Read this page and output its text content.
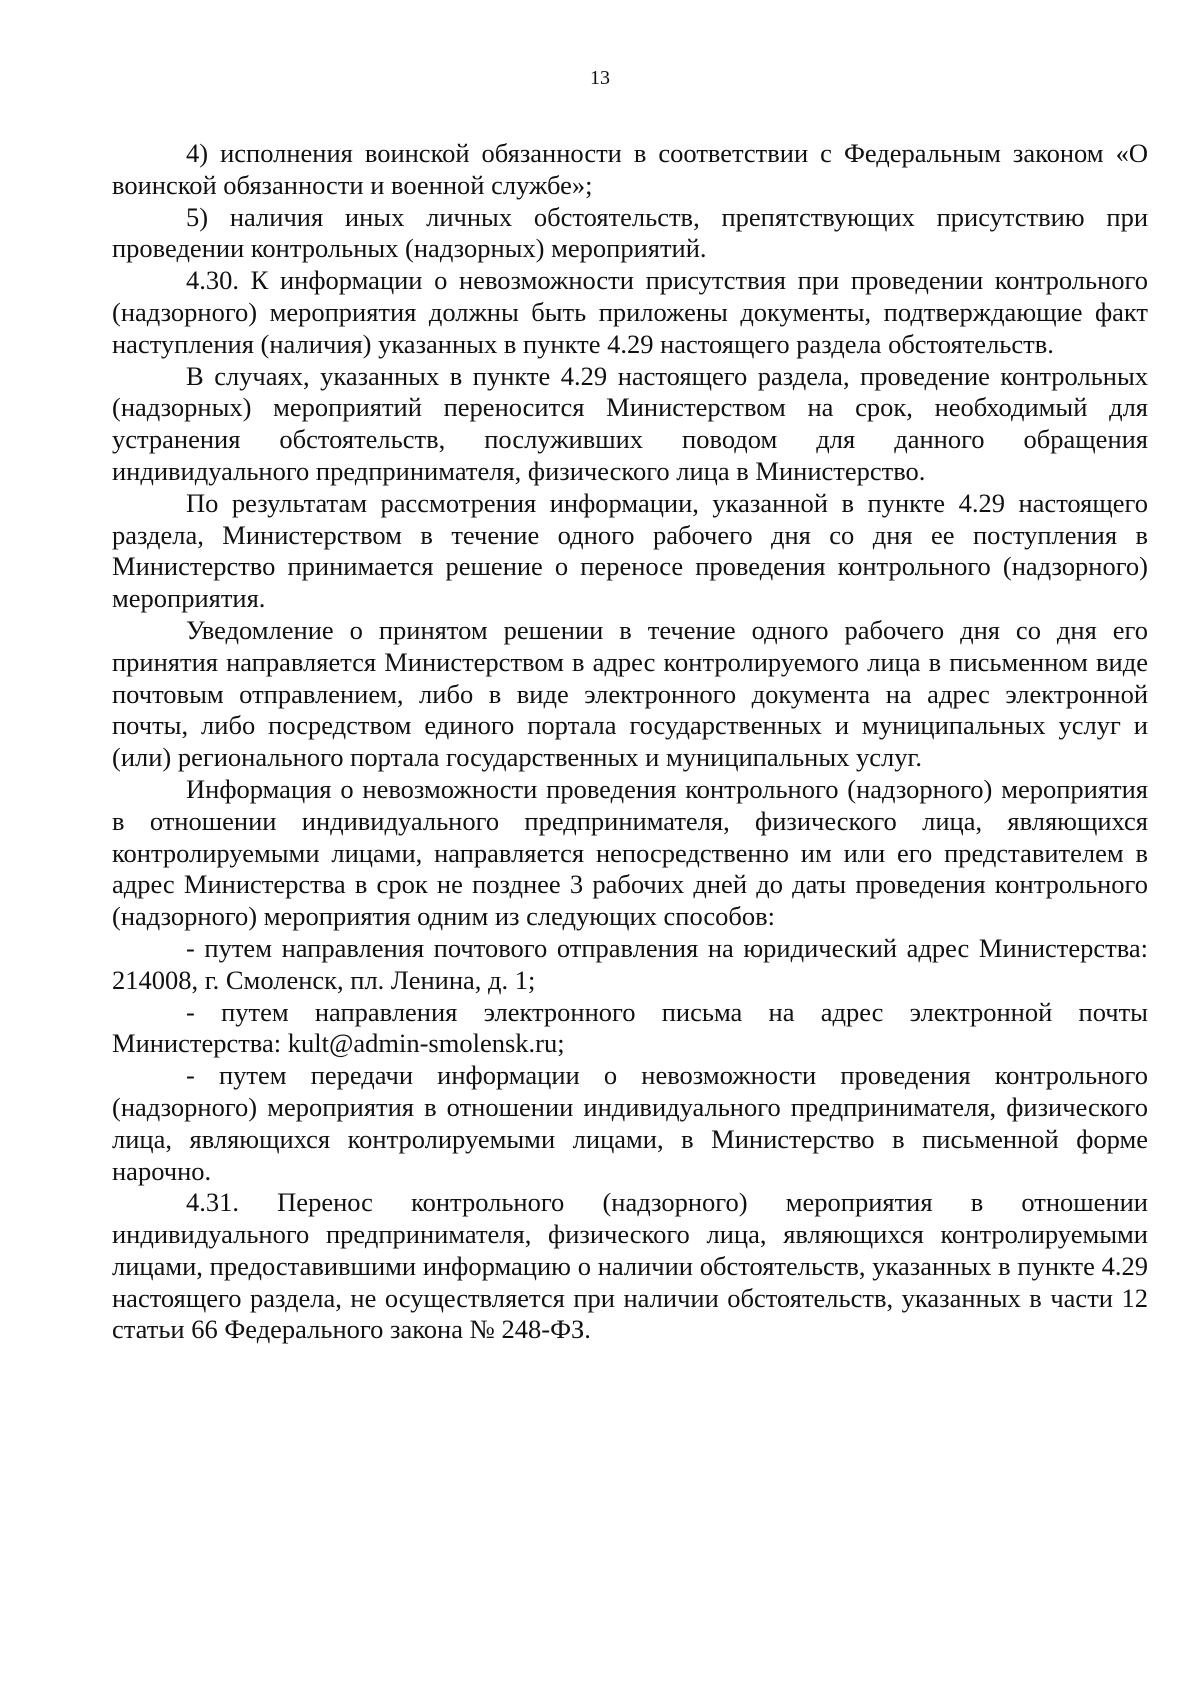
13

4) исполнения воинской обязанности в соответствии с Федеральным законом «О воинской обязанности и военной службе»;

5) наличия иных личных обстоятельств, препятствующих присутствию при проведении контрольных (надзорных) мероприятий.

4.30. К информации о невозможности присутствия при проведении контрольного (надзорного) мероприятия должны быть приложены документы, подтверждающие факт наступления (наличия) указанных в пункте 4.29 настоящего раздела обстоятельств.

В случаях, указанных в пункте 4.29 настоящего раздела, проведение контрольных (надзорных) мероприятий переносится Министерством на срок, необходимый для устранения обстоятельств, послуживших поводом для данного обращения индивидуального предпринимателя, физического лица в Министерство.

По результатам рассмотрения информации, указанной в пункте 4.29 настоящего раздела, Министерством в течение одного рабочего дня со дня ее поступления в Министерство принимается решение о переносе проведения контрольного (надзорного) мероприятия.

Уведомление о принятом решении в течение одного рабочего дня со дня его принятия направляется Министерством в адрес контролируемого лица в письменном виде почтовым отправлением, либо в виде электронного документа на адрес электронной почты, либо посредством единого портала государственных и муниципальных услуг и (или) регионального портала государственных и муниципальных услуг.

Информация о невозможности проведения контрольного (надзорного) мероприятия в отношении индивидуального предпринимателя, физического лица, являющихся контролируемыми лицами, направляется непосредственно им или его представителем в адрес Министерства в срок не позднее 3 рабочих дней до даты проведения контрольного (надзорного) мероприятия одним из следующих способов:

- путем направления почтового отправления на юридический адрес Министерства: 214008, г. Смоленск, пл. Ленина, д. 1;

- путем направления электронного письма на адрес электронной почты Министерства: kult@admin-smolensk.ru;

- путем передачи информации о невозможности проведения контрольного (надзорного) мероприятия в отношении индивидуального предпринимателя, физического лица, являющихся контролируемыми лицами, в Министерство в письменной форме нарочно.

4.31. Перенос контрольного (надзорного) мероприятия в отношении индивидуального предпринимателя, физического лица, являющихся контролируемыми лицами, предоставившими информацию о наличии обстоятельств, указанных в пункте 4.29 настоящего раздела, не осуществляется при наличии обстоятельств, указанных в части 12 статьи 66 Федерального закона № 248-ФЗ.
